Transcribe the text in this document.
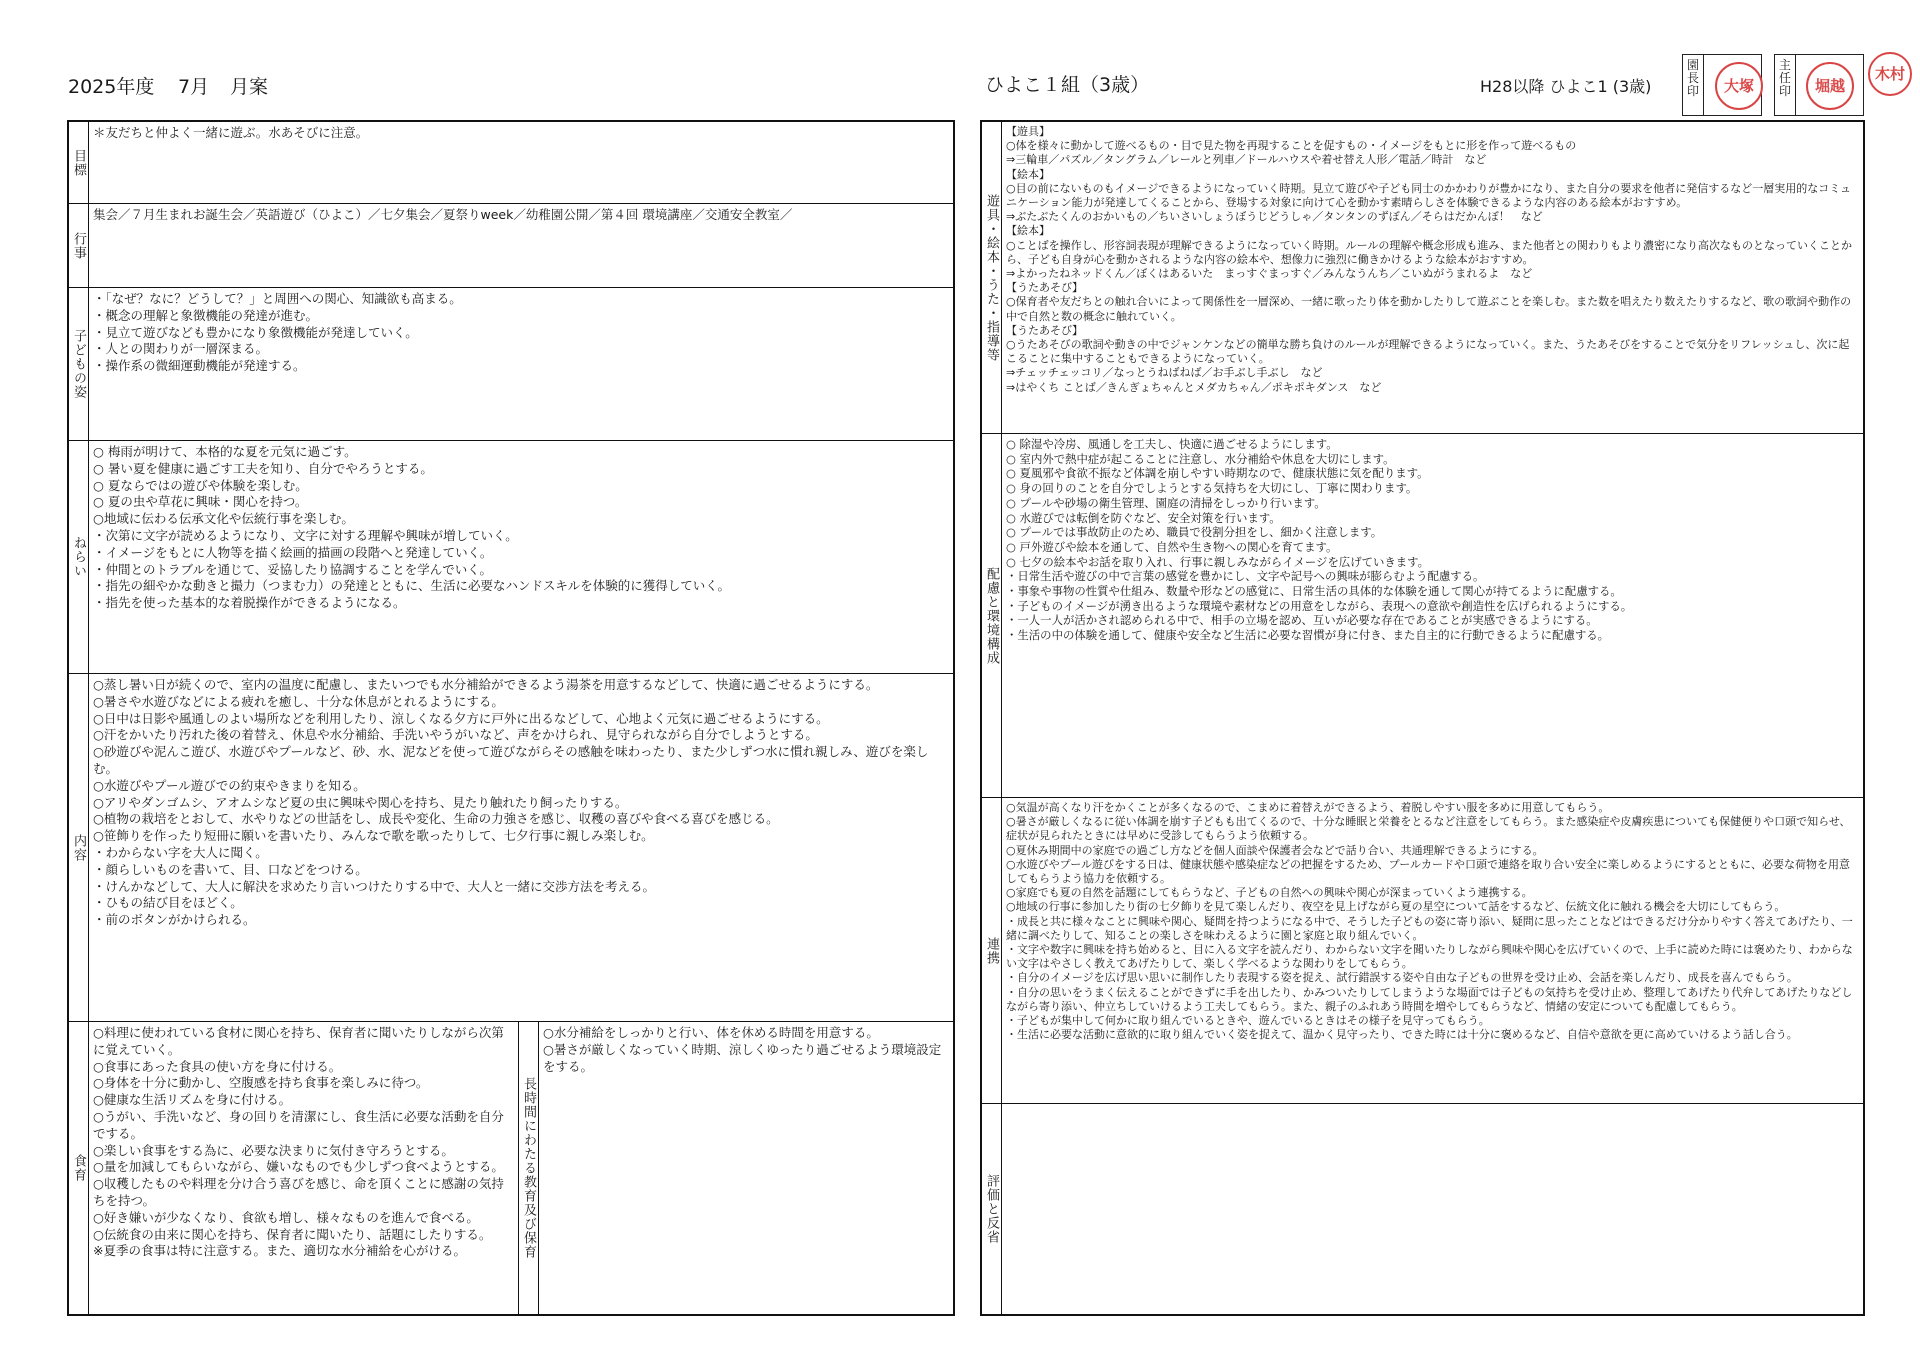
2025年度 7月 月案	ひよこ１組（3歳）	H28以降 ひよこ1 (3歳)
園長印	大塚
主任印	堀越
木村
目標
＊友だちと仲よく一緒に遊ぶ。水あそびに注意。
行事
集会／７月生まれお誕生会／英語遊び（ひよこ）／七夕集会／夏祭りweek／幼稚園公開／第４回 環境講座／交通安全教室／
子どもの姿
・「なぜ？なに？どうして？」と周囲への関心、知識欲も高まる。
・概念の理解と象徴機能の発達が進む。
・見立て遊びなども豊かになり象徴機能が発達していく。
・人との関わりが一層深まる。
・操作系の微細運動機能が発達する。
ねらい
○ 梅雨が明けて、本格的な夏を元気に過ごす。
○ 暑い夏を健康に過ごす工夫を知り、自分でやろうとする。
○ 夏ならではの遊びや体験を楽しむ。
○ 夏の虫や草花に興味・関心を持つ。
○地域に伝わる伝承文化や伝統行事を楽しむ。
・次第に文字が読めるようになり、文字に対する理解や興味が増していく。
・イメージをもとに人物等を描く絵画的描画の段階へと発達していく。
・仲間とのトラブルを通じて、妥協したり協調することを学んでいく。
・指先の細やかな動きと撮力（つまむ力）の発達とともに、生活に必要なハンドスキルを体験的に獲得していく。
・指先を使った基本的な着脱操作ができるようになる。
内容
○蒸し暑い日が続くので、室内の温度に配慮し、またいつでも水分補給ができるよう湯茶を用意するなどして、快適に過ごせるようにする。
○暑さや水遊びなどによる疲れを癒し、十分な休息がとれるようにする。
○日中は日影や風通しのよい場所などを利用したり、涼しくなる夕方に戸外に出るなどして、心地よく元気に過ごせるようにする。
○汗をかいたり汚れた後の着替え、休息や水分補給、手洗いやうがいなど、声をかけられ、見守られながら自分でしようとする。
○砂遊びや泥んこ遊び、水遊びやプールなど、砂、水、泥などを使って遊びながらその感触を味わったり、また少しずつ水に慣れ親しみ、遊びを楽しむ。
○水遊びやプール遊びでの約束やきまりを知る。
○アリやダンゴムシ、アオムシなど夏の虫に興味や関心を持ち、見たり触れたり飼ったりする。
○植物の栽培をとおして、水やりなどの世話をし、成長や変化、生命の力強さを感じ、収穫の喜びや食べる喜びを感じる。
○笹飾りを作ったり短冊に願いを書いたり、みんなで歌を歌ったりして、七夕行事に親しみ楽しむ。
・わからない字を大人に聞く。
・顔らしいものを書いて、目、口などをつける。
・けんかなどして、大人に解決を求めたり言いつけたりする中で、大人と一緒に交渉方法を考える。
・ひもの結び目をほどく。
・前のボタンがかけられる。
食育
○料理に使われている食材に関心を持ち、保育者に聞いたりしながら次第に覚えていく。
○食事にあった食具の使い方を身に付ける。
○身体を十分に動かし、空腹感を持ち食事を楽しみに待つ。
○健康な生活リズムを身に付ける。
○うがい、手洗いなど、身の回りを清潔にし、食生活に必要な活動を自分でする。
○楽しい食事をする為に、必要な決まりに気付き守ろうとする。
○量を加減してもらいながら、嫌いなものでも少しずつ食べようとする。
○収穫したものや料理を分け合う喜びを感じ、命を頂くことに感謝の気持ちを持つ。
○好き嫌いが少なくなり、食欲も増し、様々なものを進んで食べる。
○伝統食の由来に関心を持ち、保育者に聞いたり、話題にしたりする。
※夏季の食事は特に注意する。また、適切な水分補給を心がける。	長時間にわたる教育及び保育
○水分補給をしっかりと行い、体を休める時間を用意する。
○暑さが厳しくなっていく時期、涼しくゆったり過ごせるよう環境設定をする。
遊具・絵本・うた・指導等
【遊具】
○体を様々に動かして遊べるもの・目で見た物を再現することを促すもの・イメージをもとに形を作って遊べるもの
⇒三輪車／パズル／タングラム／レールと列車／ドールハウスや着せ替え人形／電話／時計　など
【絵本】
○目の前にないものもイメージできるようになっていく時期。見立て遊びや子ども同士のかかわりが豊かになり、また自分の要求を他者に発信するなど一層実用的なコミュニケーション能力が発達してくることから、登場する対象に向けて心を動かす素晴らしさを体験できるような内容のある絵本がおすすめ。
⇒ぶたぶたくんのおかいもの／ちいさいしょうぼうじどうしゃ／タンタンのずぼん／そらはだかんぼ！　など
【絵本】
○ことばを操作し、形容詞表現が理解できるようになっていく時期。ルールの理解や概念形成も進み、また他者との関わりもより濃密になり高次なものとなっていくことから、子ども自身が心を動かされるような内容の絵本や、想像力に強烈に働きかけるような絵本がおすすめ。
⇒よかったねネッドくん／ぼくはあるいた　まっすぐまっすぐ／みんなうんち／こいぬがうまれるよ　など
【うたあそび】
○保育者や友だちとの触れ合いによって関係性を一層深め、一緒に歌ったり体を動かしたりして遊ぶことを楽しむ。また数を唱えたり数えたりするなど、歌の歌詞や動作の中で自然と数の概念に触れていく。
【うたあそび】
○うたあそびの歌詞や動きの中でジャンケンなどの簡単な勝ち負けのルールが理解できるようになっていく。また、うたあそびをすることで気分をリフレッシュし、次に起こることに集中することもできるようになっていく。
⇒チェッチェッコリ／なっとうねばねば／お手ぶし手ぶし　など
⇒はやくち ことば／きんぎょちゃんとメダカちゃん／ポキポキダンス　など
配慮と環境構成
○ 除湿や冷房、風通しを工夫し、快適に過ごせるようにします。
○ 室内外で熱中症が起こることに注意し、水分補給や休息を大切にします。
○ 夏風邪や食欲不振など体調を崩しやすい時期なので、健康状態に気を配ります。
○ 身の回りのことを自分でしようとする気持ちを大切にし、丁寧に関わります。
○ プールや砂場の衛生管理、園庭の清掃をしっかり行います。
○ 水遊びでは転倒を防ぐなど、安全対策を行います。
○ プールでは事故防止のため、職員で役割分担をし、細かく注意します。
○ 戸外遊びや絵本を通して、自然や生き物への関心を育てます。
○ 七夕の絵本やお話を取り入れ、行事に親しみながらイメージを広げていきます。
・日常生活や遊びの中で言葉の感覚を豊かにし、文字や記号への興味が膨らむよう配慮する。
・事象や事物の性質や仕組み、数量や形などの感覚に、日常生活の具体的な体験を通して関心が持てるように配慮する。
・子どものイメージが湧き出るような環境や素材などの用意をしながら、表現への意欲や創造性を広げられるようにする。
・一人一人が活かされ認められる中で、相手の立場を認め、互いが必要な存在であることが実感できるようにする。
・生活の中の体験を通して、健康や安全など生活に必要な習慣が身に付き、また自主的に行動できるように配慮する。
連携
○気温が高くなり汗をかくことが多くなるので、こまめに着替えができるよう、着脱しやすい服を多めに用意してもらう。
○暑さが厳しくなるに従い体調を崩す子どもも出てくるので、十分な睡眠と栄養をとるなど注意をしてもらう。また感染症や皮膚疾患についても保健便りや口頭で知らせ、症状が見られたときには早めに受診してもらうよう依頼する。
○夏休み期間中の家庭での過ごし方などを個人面談や保護者会などで話り合い、共通理解できるようにする。
○水遊びやプール遊びをする日は、健康状態や感染症などの把握をするため、プールカードや口頭で連絡を取り合い安全に楽しめるようにするとともに、必要な荷物を用意してもらうよう協力を依頼する。
○家庭でも夏の自然を話題にしてもらうなど、子どもの自然への興味や関心が深まっていくよう連携する。
○地域の行事に参加したり街の七夕飾りを見て楽しんだり、夜空を見上げながら夏の星空について話をするなど、伝統文化に触れる機会を大切にしてもらう。
・成長と共に様々なことに興味や関心、疑問を持つようになる中で、そうした子どもの姿に寄り添い、疑問に思ったことなどはできるだけ分かりやすく答えてあげたり、一緒に調べたりして、知ることの楽しさを味わえるように園と家庭と取り組んでいく。
・文字や数字に興味を持ち始めると、目に入る文字を読んだり、わからない文字を聞いたりしながら興味や関心を広げていくので、上手に読めた時には褒めたり、わからない文字はやさしく教えてあげたりして、楽しく学べるような関わりをしてもらう。
・自分のイメージを広げ思い思いに制作したり表現する姿を捉え、試行錯誤する姿や自由な子どもの世界を受け止め、会話を楽しんだり、成長を喜んでもらう。
・自分の思いをうまく伝えることができずに手を出したり、かみついたりしてしまうような場面では子どもの気持ちを受け止め、整理してあげたり代弁してあげたりなどしながら寄り添い、仲立ちしていけるよう工夫してもらう。また、親子のふれあう時間を増やしてもらうなど、情緒の安定についても配慮してもらう。
・子どもが集中して何かに取り組んでいるときや、遊んでいるときはその様子を見守ってもらう。
・生活に必要な活動に意欲的に取り組んでいく姿を捉えて、温かく見守ったり、できた時には十分に褒めるなど、自信や意欲を更に高めていけるよう話し合う。
評価と反省
